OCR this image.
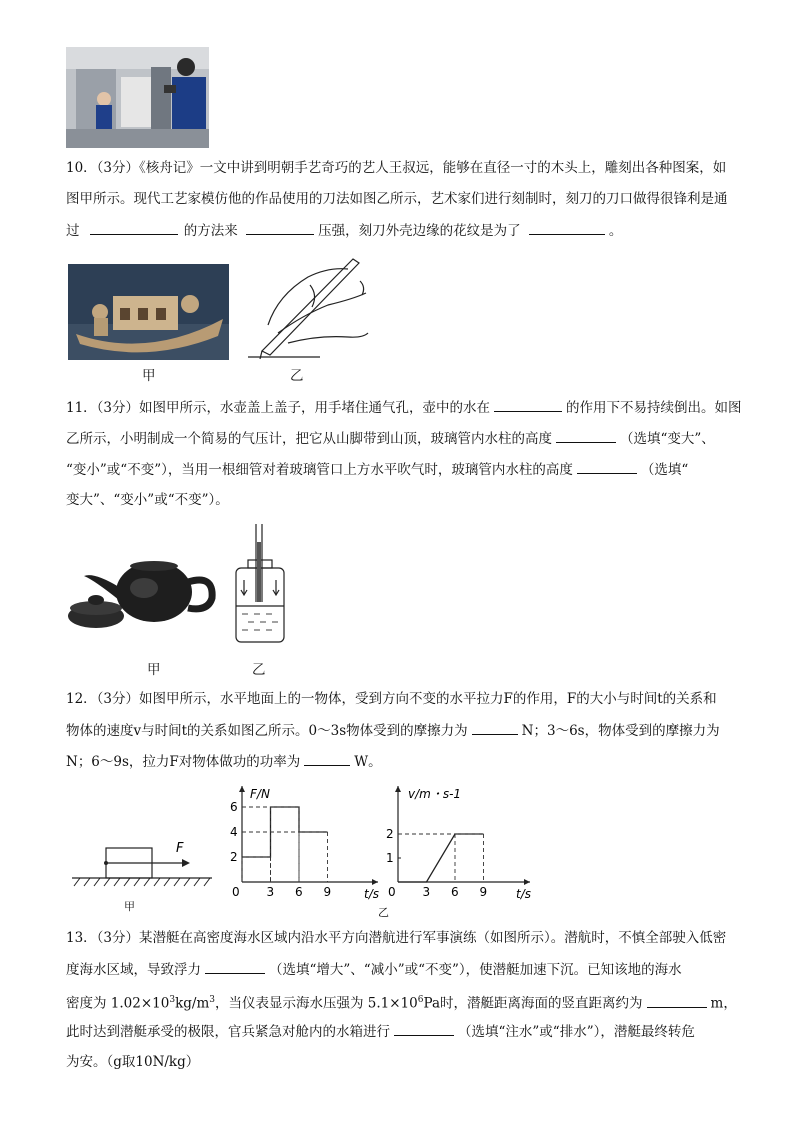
10．（3分）《核舟记》一文中讲到明朝手艺奇巧的艺人王叔远，能够在直径一寸的木头上，雕刻出各种图案，如
图甲所示。现代工艺家模仿他的作品使用的刀法如图乙所示，艺术家们进行刻制时，刻刀的刀口做得很锋利是通
过	的方法来	压强，刻刀外壳边缘的花纹是为了	。
甲	乙
11．（3分）如图甲所示，水壶盖上盖子，用手堵住通气孔，壶中的水在	的作用下不易持续倒出。如图
乙所示，小明制成一个简易的气压计，把它从山脚带到山顶，玻璃管内水柱的高度	（选填“变大”、
“变小”或“不变”），当用一根细管对着玻璃管口上方水平吹气时，玻璃管内水柱的高度	（选填“
变大”、“变小”或“不变”）。
甲	乙
12．（3分）如图甲所示，水平地面上的一物体，受到方向不变的水平拉力F的作用，F的大小与时间t的关系和
物体的速度v与时间t的关系如图乙所示。0～3s物体受到的摩擦力为	N；3～6s，物体受到的摩擦力为
N；6～9s，拉力F对物体做功的功率为	W。
F
甲
0 3 6 9
2
4
6
t/s
F/N
0 3 6 9
1
2
t/s
v/m・s-1
乙
13．（3分）某潜艇在高密度海水区域内沿水平方向潜航进行军事演练（如图所示）。潜航时，不慎全部驶入低密
度海水区域，导致浮力	（选填“增大”、“减小”或“不变”），使潜艇加速下沉。已知该地的海水
密度为 $1.02\times 10^3kg/m^3$，当仪表显示海水压强为 $5.1\times 10^6Pa$时，潜艇距离海面的竖直距离约为	m，
此时达到潜艇承受的极限，官兵紧急对舱内的水箱进行	（选填“注水”或“排水”），潜艇最终转危
为安。（g取10N/kg）
